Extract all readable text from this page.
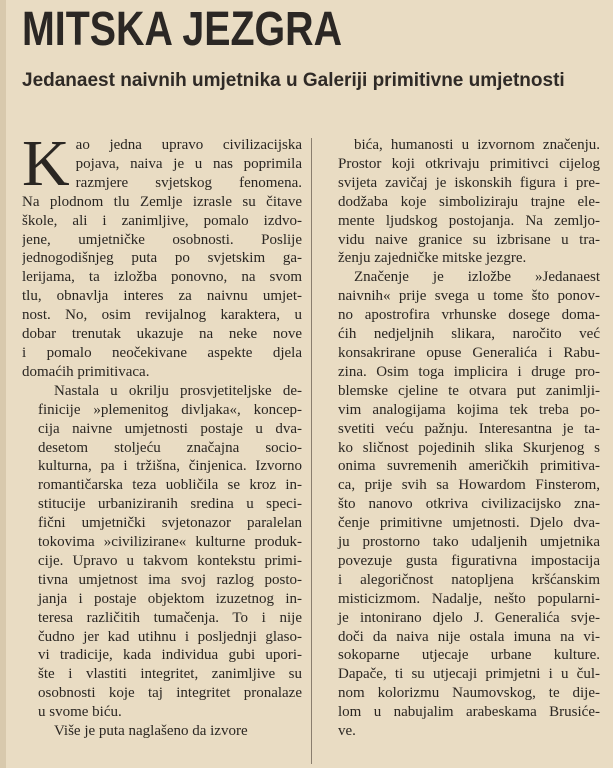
MITSKA JEZGRA
Jedanaest naivnih umjetnika u Galeriji primitivne umjetnosti

K ao jedna upravo civilizacijska
pojava, naiva je u nas poprimila
razmjere svjetskog fenomena.
Na plodnom tlu Zemlje izrasle su čitave
škole, ali i zanimljive, pomalo izdvo-
jene, umjetničke osobnosti. Poslije
jednogodišnjeg puta po svjetskim ga-
lerijama, ta izložba ponovno, na svom
tlu, obnavlja interes za naivnu umjet-
nost. No, osim revijalnog karaktera, u
dobar trenutak ukazuje na neke nove
i pomalo neočekivane aspekte djela
domaćih primitivaca.

Nastala u okrilju prosvjetiteljske de-
finicije »plemenitog divljaka«, koncep-
cija naivne umjetnosti postaje u dva-
desetom stoljeću značajna socio-
kulturna, pa i tržišna, činjenica. Izvorno
romantičarska teza uobličila se kroz in-
stitucije urbaniziranih sredina u speci-
fični umjetnički svjetonazor paralelan
tokovima »civilizirane« kulturne produk-
cije. Upravo u takvom kontekstu primi-
tivna umjetnost ima svoj razlog posto-
janja i postaje objektom izuzetnog in-
teresa različitih tumačenja. To i nije
čudno jer kad utihnu i posljednji glaso-
vi tradicije, kada individua gubi upori-
šte i vlastiti integritet, zanimljive su
osobnosti koje taj integritet pronalaze
u svome biću.

Više je puta naglašeno da izvore

bića, humanosti u izvornom značenju.
Prostor koji otkrivaju primitivci cijelog
svijeta zavičaj je iskonskih figura i pre-
dodžaba koje simboliziraju trajne ele-
mente ljudskog postojanja. Na zemljo-
vidu naive granice su izbrisane u tra-
ženju zajedničke mitske jezgre.

Značenje je izložbe »Jedanaest
naivnih« prije svega u tome što ponov-
no apostrofira vrhunske dosege doma-
ćih nedjeljnih slikara, naročito već
konsakrirane opuse Generalića i Rabu-
zina. Osim toga implicira i druge pro-
blemske cjeline te otvara put zanimlji-
vim analogijama kojima tek treba po-
svetiti veću pažnju. Interesantna je ta-
ko sličnost pojedinih slika Skurjenog s
onima suvremenih američkih primitiva-
ca, prije svih sa Howardom Finsterom,
što nanovo otkriva civilizacijsko zna-
čenje primitivne umjetnosti. Djelo dva-
ju prostorno tako udaljenih umjetnika
povezuje gusta figurativna impostacija
i alegoričnost natopljena kršćanskim
misticizmom. Nadalje, nešto popularni-
je intonirano djelo J. Generalića svje-
doči da naiva nije ostala imuna na vi-
sokoparne utjecaje urbane kulture.
Dapače, ti su utjecaji primjetni i u čul-
nom kolorizmu Naumovskog, te dije-
lom u nabujalim arabeskama Brusiće-
ve.
